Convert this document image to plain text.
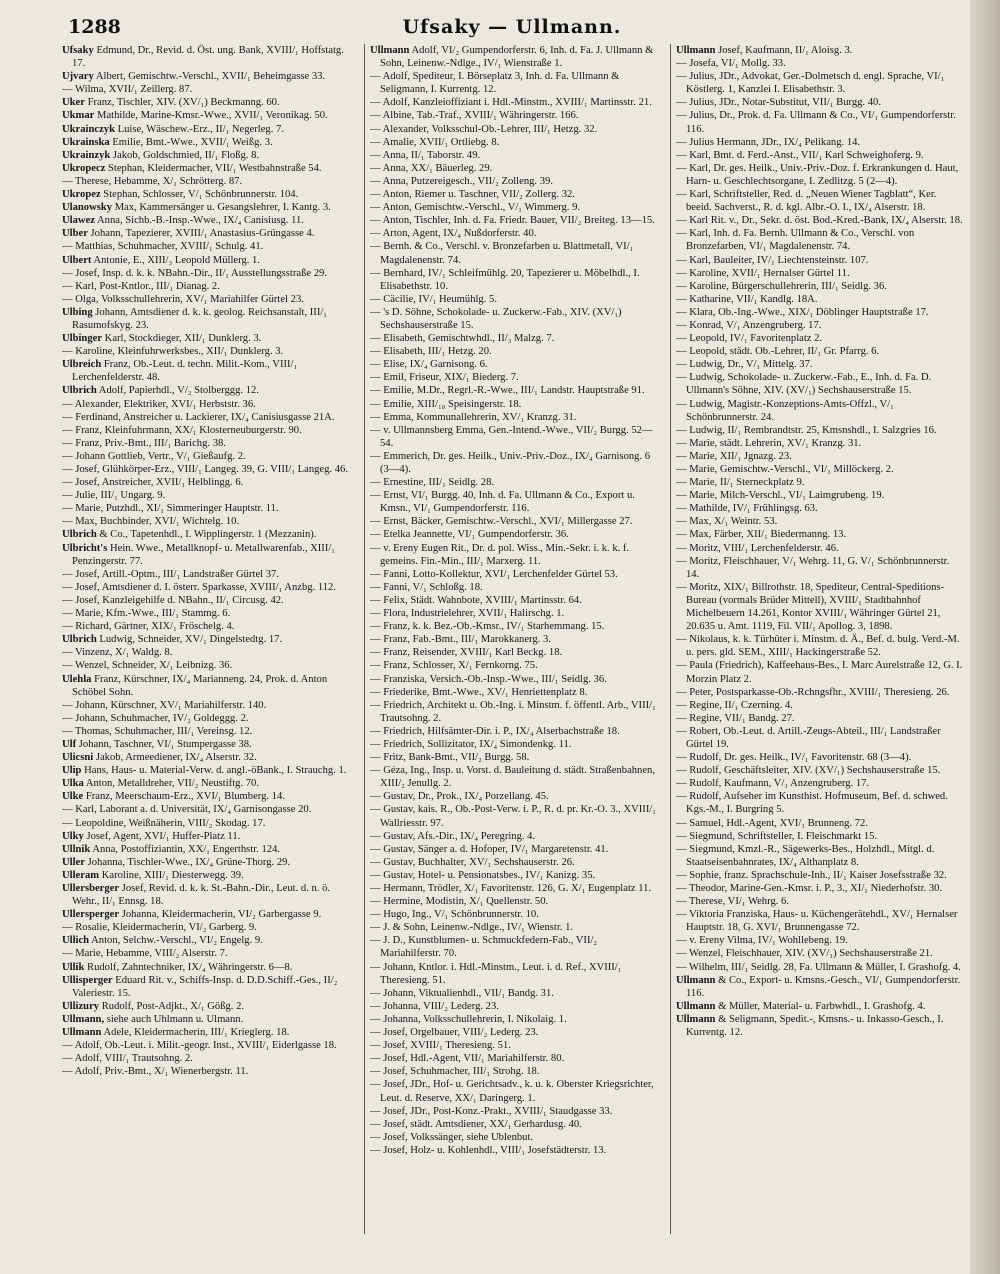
1288	Ufsaky — Ullmann.
Ufsaky Edmund, Dr., Revid. d. Öst. ung. Bank, XVIII/₁ Hoffstatg. 17.
Ujvary Albert, Gemischtw.-Verschl., XVII/₁ Beheimgasse 33.
— Wilma, XVII/₁ Zeillerg. 87.
Uker Franz, Tischler, XIV. (XV/₁) Beckmanng. 60.
Ukmar Mathilde, Marine-Kmsr.-Wwe., XVII/₁ Veronikag. 50.
Ukrainczyk Luise, Wäschew.-Erz., II/₁ Negerleg. 7.
Ukrainska Emilie, Bmt.-Wwe., XVII/₁ Weißg. 3.
Ukrainzyk Jakob, Goldschmied, II/₁ Floßg. 8.
Ukropecz Stephan, Kleidermacher, VII/₁ Westbahnstraße 54.
— Therese, Hebamme, X/₁ Schrötterg. 87.
Ukropez Stephan, Schlosser, V/₁ Schönbrunnerstr. 104.
Ulanowsky Max, Kammersänger u. Gesangslehrer, I. Kantg. 3.
Ulawez Anna, Sichb.-B.-Insp.-Wwe., IX/₄ Canisiusg. 11.
Ulber Johann, Tapezierer, XVIII/₁ Anastasius-Grüngasse 4.
— Matthias, Schuhmacher, XVIII/₁ Schulg. 41.
Ulbert Antonie, E., XIII/₃ Leopold Müllerg. 1.
— Josef, Insp. d. k. k. NBahn.-Dir., II/₁ Ausstellungsstraße 29.
— Karl, Post-Kntlor., III/₁ Dianag. 2.
— Olga, Volksschullehrerin, XV/₁ Mariahilfer Gürtel 23.
Ulbing Johann, Amtsdiener d. k. k. geolog. Reichsanstalt, III/₁ Rasumofskyg. 23.
Ulbinger Karl, Stockdieger, XII/₁ Dunklerg. 3.
— Karoline, Kleinfuhrwerksbes., XII/₁ Dunklerg. 3.
Ulbreich Franz, Ob.-Leut. d. techn. Milit.-Kom., VIII/₁ Lerchenfelderstr. 48.
Ulbrich Adolf, Papierhdl., V/₂ Stolberggg. 12.
— Alexander, Elektriker, XVI/₁ Herbststr. 36.
— Ferdinand, Anstreicher u. Lackierer, IX/₄ Canisiusgasse 21A.
— Franz, Kleinfuhrmann, XX/₁ Klosterneuburgerstr. 90.
— Franz, Priv.-Bmt., III/₁ Barichg. 38.
— Johann Gottlieb, Vertr., V/₁ Gießaufg. 2.
— Josef, Glühkörper-Erz., VIII/₁ Langeg. 39, G. VIII/₁ Langeg. 46.
— Josef, Anstreicher, XVII/₁ Helblingg. 6.
— Julie, III/₁ Ungarg. 9.
— Marie, Putzhdl., XI/₁ Simmeringer Hauptstr. 11.
— Max, Buchbinder, XVI/₁ Wichtelg. 10.
Ulbrich & Co., Tapetenhdl., I. Wipplingerstr. 1 (Mezzanin).
Ulbricht's Hein. Wwe., Metallknopf- u. Metallwarenfab., XIII/₁ Penzingerstr. 77.
— Josef, Artill.-Optm., III/₁ Landstraßer Gürtel 37.
— Josef, Amtsdiener d. I. österr. Sparkasse, XVIII/₁ Anzbg. 112.
— Josef, Kanzleigehilfe d. NBahn., II/₁ Circusg. 42.
— Marie, Kfm.-Wwe., III/₁ Stammg. 6.
— Richard, Gärtner, XIX/₁ Fröschelg. 4.
Ulbrich Ludwig, Schneider, XV/₁ Dingelstedtg. 17.
— Vinzenz, X/₁ Waldg. 8.
— Wenzel, Schneider, X/₁ Leibnizg. 36.
Ulehla Franz, Kürschner, IX/₄ Marianneng. 24, Prok. d. Anton Schöbel Sohn.
— Johann, Kürschner, XV/₁ Mariahilferstr. 140.
— Johann, Schuhmacher, IV/₂ Goldeggg. 2.
— Thomas, Schuhmacher, III/₁ Vereinsg. 12.
Ulf Johann, Taschner, VI/₁ Stumpergasse 38.
Ulicsni Jakob, Armeediener, IX/₄ Alserstr. 32.
Ulip Hans, Haus- u. Material-Verw. d. angl.-öBank., I. Strauchg. 1.
Ulka Anton, Metalldreher, VII/₂ Neustiftg. 70.
Ulke Franz, Meerschaum-Erz., XVI/₁ Blumberg. 14.
— Karl, Laborant a. d. Universität, IX/₄ Garnisongasse 20.
— Leopoldine, Weißnäherin, VIII/₂ Skodag. 17.
Ulky Josef, Agent, XVI/₁ Huffer-Platz 11.
Ullnik Anna, Postoffiziantin, XX/₁ Engerthstr. 124.
Uller Johanna, Tischler-Wwe., IX/₄ Grüne-Thorg. 29.
Ulleram Karoline, XIII/₁ Diesterwegg. 39.
Ullersberger Josef, Revid. d. k. k. St.-Bahn.-Dir., Leut. d. n. ö. Wehr., II/₁ Ennsg. 18.
Ullersperger Johanna, Kleidermacherin, VI/₂ Garbergasse 9.
— Rosalie, Kleidermacherin, VI/₂ Garberg. 9.
Ullich Anton, Selchw.-Verschl., VI/₂ Engelg. 9.
— Marie, Hebamme, VIII/₂ Alserstr. 7.
Ullik Rudolf, Zahntechniker, IX/₄ Währingerstr. 6—8.
Ullisperger Eduard Rit. v., Schiffs-Insp. d. D.D.Schiff.-Ges., II/₂ Valeriestr. 15.
Ullizury Rudolf, Post-Adjkt., X/₁ Gößg. 2.
Ullmann, siehe auch Uhlmann u. Ulmann.
Ullmann Adele, Kleidermacherin, III/₁ Krieglerg. 18.
— Adolf, Ob.-Leut. i. Milit.-geogr. Inst., XVIII/₁ Eiderlgasse 18.
— Adolf, VIII/₁ Trautsohng. 2.
— Adolf, Priv.-Bmt., X/₁ Wienerbergstr. 11.
Ullmann Adolf, VI/₂ Gumpendorferstr. 6, Inh. d. Fa. J. Ullmann & Sohn, Leinenw.-Ndlge., IV/₁ Wienstraße 1.
— Adolf, Spediteur, I. Börseplatz 3, Inh. d. Fa. Ullmann & Seligmann, I. Kurrentg. 12.
— Adolf, Kanzleioffiziant i. Hdl.-Minstm., XVIII/₁ Martinsstr. 21.
— Albine, Tab.-Traf., XVIII/₁ Währingerstr. 166.
— Alexander, Volksschul-Ob.-Lehrer, III/₁ Hetzg. 32.
— Amalie, XVII/₁ Ortliebg. 8.
— Anna, II/₁ Taborstr. 49.
— Anna, XX/₁ Bäuerleg. 29.
— Anna, Putzereigesch., VII/₂ Zolleng. 39.
— Anton, Riemer u. Taschner, VII/₂ Zollerg. 32.
— Anton, Gemischtw.-Verschl., V/₁ Wimmerg. 9.
— Anton, Tischler, Inh. d. Fa. Friedr. Bauer, VII/₂ Breiteg. 13—15.
— Arton, Agent, IX/₄ Nußdorferstr. 40.
— Bernh. & Co., Verschl. v. Bronzefarben u. Blattmetall, VI/₁ Magdalenenstr. 74.
— Bernhard, IV/₁ Schleifmühlg. 20, Tapezierer u. Möbelhdl., I. Elisabethstr. 10.
— Cäcilie, IV/₁ Heumühlg. 5.
— 's D. Söhne, Schokolade- u. Zuckerw.-Fab., XIV. (XV/₁) Sechshauserstraße 15.
— Elisabeth, Gemischtwhdl., II/₃ Malzg. 7.
— Elisabeth, III/₁ Hetzg. 20.
— Elise, IX/₄ Garnisong. 6.
— Emil, Friseur, XIX/₁ Biederg. 7.
— Emilie, M.Dr., Regrl.-R.-Wwe., III/₁ Landstr. Hauptstraße 91.
— Emilie, XIII/₁₀ Speisingerstr. 18.
— Emma, Kommunallehrerin, XV/₁ Kranzg. 31.
— v. Ullmannsberg Emma, Gen.-Intend.-Wwe., VII/₂ Burgg. 52—54.
— Emmerich, Dr. ges. Heilk., Univ.-Priv.-Doz., IX/₄ Garnisong. 6 (3—4).
— Ernestine, III/₁ Seidlg. 28.
— Ernst, VI/₁ Burgg. 40, Inh. d. Fa. Ullmann & Co., Export u. Kmsn., VI/₁ Gumpendorferstr. 116.
— Ernst, Bäcker, Gemischtw.-Verschl., XVI/₁ Millergasse 27.
— Etelka Jeannette, VI/₁ Gumpendorferstr. 36.
— v. Ereny Eugen Rit., Dr. d. pol. Wiss., Min.-Sekr. i. k. k. f. gemeins. Fin.-Min., III/₁ Marxerg. 11.
— Fanni, Lotto-Kollektur, XVI/₁ Lerchenfelder Gürtel 53.
— Fanni, V/₁ Schloßg. 18.
— Felix, Städt. Wahnbote, XVIII/₁ Martinsstr. 64.
— Flora, Industrielehrer, XVII/₁ Halirschg. 1.
— Franz, k. k. Bez.-Ob.-Kmsr., IV/₁ Starhemmang. 15.
— Franz, Fab.-Bmt., III/₁ Marokkanerg. 3.
— Franz, Reisender, XVIII/₁ Karl Beckg. 18.
— Franz, Schlosser, X/₁ Fernkorng. 75.
— Franziska, Versich.-Ob.-Insp.-Wwe., III/₁ Seidlg. 36.
— Friederike, Bmt.-Wwe., XV/₁ Henriettenplatz 8.
— Friedrich, Architekt u. Ob.-Ing. i. Minstm. f. öffentl. Arb., VIII/₁ Trautsohng. 2.
— Friedrich, Hilfsämter-Dir. i. P., IX/₄ Alserbachstraße 18.
— Friedrich, Sollizitator, IX/₄ Simondenkg. 11.
— Fritz, Bank-Bmt., VII/₂ Burgg. 58.
— Géza, Ing., Insp. u. Vorst. d. Bauleitung d. städt. Straßenbahnen, XIII/₂ Jenullg. 2.
— Gustav, Dr., Prok., IX/₄ Porzellang. 45.
— Gustav, kais. R., Ob.-Post-Verw. i. P., R. d. pr. Kr.-O. 3., XVIII/₁ Wallriesstr. 97.
— Gustav, Afs.-Dir., IX/₄ Peregring. 4.
— Gustav, Sänger a. d. Hofoper, IV/₁ Margaretenstr. 41.
— Gustav, Buchhalter, XV/₁ Sechshauserstr. 26.
— Gustav, Hotel- u. Pensionatsbes., IV/₁ Kanizg. 35.
— Hermann, Trödler, X/₁ Favoritenstr. 126, G. X/₁ Eugenplatz 11.
— Hermine, Modistin, X/₁ Quellenstr. 50.
— Hugo, Ing., V/₁ Schönbrunnerstr. 10.
— J. & Sohn, Leinenw.-Ndlge., IV/₁ Wienstr. 1.
— J. D., Kunstblumen- u. Schmuckfedern-Fab., VII/₂ Mariahilferstr. 70.
— Johann, Kntlor. i. Hdl.-Minstm., Leut. i. d. Ref., XVIII/₁ Theresieng. 51.
— Johann, Viktualienhdl., VII/₁ Bandg. 31.
— Johanna, VIII/₂ Lederg. 23.
— Johanna, Volksschullehrerin, I. Nikolaig. 1.
— Josef, Orgelbauer, VIII/₂ Lederg. 23.
— Josef, XVIII/₁ Theresieng. 51.
— Josef, Hdl.-Agent, VII/₁ Mariahilferstr. 80.
— Josef, Schuhmacher, III/₁ Strohg. 18.
— Josef, JDr., Hof- u. Gerichtsadv., k. u. k. Oberster Kriegsrichter, Leut. d. Reserve, XX/₁ Daringerg. 1.
— Josef, JDr., Post-Konz.-Prakt., XVIII/₁ Staudgasse 33.
— Josef, städt. Amtsdiener, XX/₁ Gerhardusg. 40.
— Josef, Volkssänger, siehe Ublenbut.
— Josef, Holz- u. Kohlenhdl., VIII/₁ Josefstädterstr. 13.
Ullmann Josef, Kaufmann, II/₁ Aloisg. 3.
— Josefa, VI/₁ Mollg. 33.
— Julius, JDr., Advokat, Ger.-Dolmetsch d. engl. Sprache, VI/₁ Köstlerg. 1, Kanzlei I. Elisabethstr. 3.
— Julius, JDr., Notar-Substitut, VII/₁ Burgg. 40.
— Julius, Dr., Prok. d. Fa. Ullmann & Co., VI/₁ Gumpendorferstr. 116.
— Julius Hermann, JDr., IX/₄ Pelikang. 14.
— Karl, Bmt. d. Ferd.-Anst., VII/₁ Karl Schweighoferg. 9.
— Karl, Dr. ges. Heilk., Univ.-Priv.-Doz. f. Erkrankungen d. Haut, Harn- u. Geschlechtsorgane, I. Zedlitzg. 5 (2—4).
— Karl, Schriftsteller, Red. d. „Neuen Wiener Tagblatt“, Ker. beeid. Sachverst., R. d. kgl. Albr.-O. I., IX/₄ Alserstr. 18.
— Karl Rit. v., Dr., Sekr. d. öst. Bod.-Kred.-Bank, IX/₄ Alserstr. 18.
— Karl, Inh. d. Fa. Bernh. Ullmann & Co., Verschl. von Bronzefarben, VI/₁ Magdalenenstr. 74.
— Karl, Bauleiter, IV/₁ Liechtensteinstr. 107.
— Karoline, XVII/₁ Hernalser Gürtel 11.
— Karoline, Bürgerschullehrerin, III/₁ Seidlg. 36.
— Katharine, VII/₁ Kandlg. 18A.
— Klara, Ob.-Ing.-Wwe., XIX/₁ Döblinger Hauptstraße 17.
— Konrad, V/₁ Anzengruberg. 17.
— Leopold, IV/₁ Favoritenplatz 2.
— Leopold, städt. Ob.-Lehrer, II/₁ Gr. Pfarrg. 6.
— Ludwig, Dr., V/₁ Mittelg. 37.
— Ludwig, Schokolade- u. Zuckerw.-Fab., E., Inh. d. Fa. D. Ullmann's Söhne, XIV. (XV/₁) Sechshauserstraße 15.
— Ludwig, Magistr.-Konzeptions-Amts-Offzl., V/₁ Schönbrunnerstr. 24.
— Ludwig, II/₁ Rembrandtstr. 25, Kmsnshdl., I. Salzgries 16.
— Marie, städt. Lehrerin, XV/₁ Kranzg. 31.
— Marie, XII/₁ Jgnazg. 23.
— Marie, Gemischtw.-Verschl., VI/₁ Millöckerg. 2.
— Marie, II/₁ Sterneckplatz 9.
— Marie, Milch-Verschl., VI/₁ Laimgrubeng. 19.
— Mathilde, IV/₁ Frühlingsg. 63.
— Max, X/₁ Weintr. 53.
— Max, Färber, XII/₁ Biedermanng. 13.
— Moritz, VIII/₁ Lerchenfelderstr. 46.
— Moritz, Fleischhauer, V/₁ Wehrg. 11, G. V/₁ Schönbrunnerstr. 14.
— Moritz, XIX/₁ Billrothstr. 18, Spediteur, Central-Speditions-Bureau (vormals Brüder Mittell), XVIII/₁ Stadtbahnhof Michelbeuern 14.261, Kontor XVIII/₁ Währinger Gürtel 21, 20.635 u. Amt. 1119, Fil. VII/₁ Apollog. 3, 1898.
— Nikolaus, k. k. Türhüter i. Minstm. d. Ä., Bef. d. bulg. Verd.-M. u. pers. gld. SEM., XIII/₁ Hackingerstraße 52.
— Paula (Friedrich), Kaffeehaus-Bes., I. Marc Aurelstraße 12, G. I. Morzin Platz 2.
— Peter, Postsparkasse-Ob.-Rchngsfhr., XVIII/₁ Theresieng. 26.
— Regine, II/₁ Czerning. 4.
— Regine, VII/₁ Bandg. 27.
— Robert, Ob.-Leut. d. Artill.-Zeugs-Abteil., III/₁ Landstraßer Gürtel 19.
— Rudolf, Dr. ges. Heilk., IV/₁ Favoritenstr. 68 (3—4).
— Rudolf, Geschäftsleiter, XIV. (XV/₁) Sechshauserstraße 15.
— Rudolf, Kaufmann, V/₁ Anzengruberg. 17.
— Rudolf, Aufseher im Kunsthist. Hofmuseum, Bef. d. schwed. Kgs.-M., I. Burgring 5.
— Samuel, Hdl.-Agent, XVI/₁ Brunneng. 72.
— Siegmund, Schriftsteller, I. Fleischmarkt 15.
— Siegmund, Kmzl.-R., Sägewerks-Bes., Holzhdl., Mitgl. d. Staatseisenbahnrates, IX/₄ Althanplatz 8.
— Sophie, franz. Sprachschule-Inh., II/₁ Kaiser Josefsstraße 32.
— Theodor, Marine-Gen.-Kmsr. i. P., 3., XI/₁ Niederhofstr. 30.
— Therese, VI/₁ Wehrg. 6.
— Viktoria Franziska, Haus- u. Küchengerätehdl., XV/₁ Hernalser Hauptstr. 18, G. XVI/₁ Brunnengasse 72.
— v. Ereny Vilma, IV/₁ Wohllebeng. 19.
— Wenzel, Fleischhauer, XIV. (XV/₁) Sechshauserstraße 21.
— Wilhelm, III/₁ Seidlg. 28, Fa. Ullmann & Müller, I. Grashofg. 4.
Ullmann & Co., Export- u. Kmsns.-Gesch., VI/₁ Gumpendorferstr. 116.
Ullmann & Müller, Material- u. Farbwhdl., I. Grashofg. 4.
Ullmann & Seligmann, Spedit.-, Kmsns.- u. Inkasso-Gesch., I. Kurrentg. 12.
